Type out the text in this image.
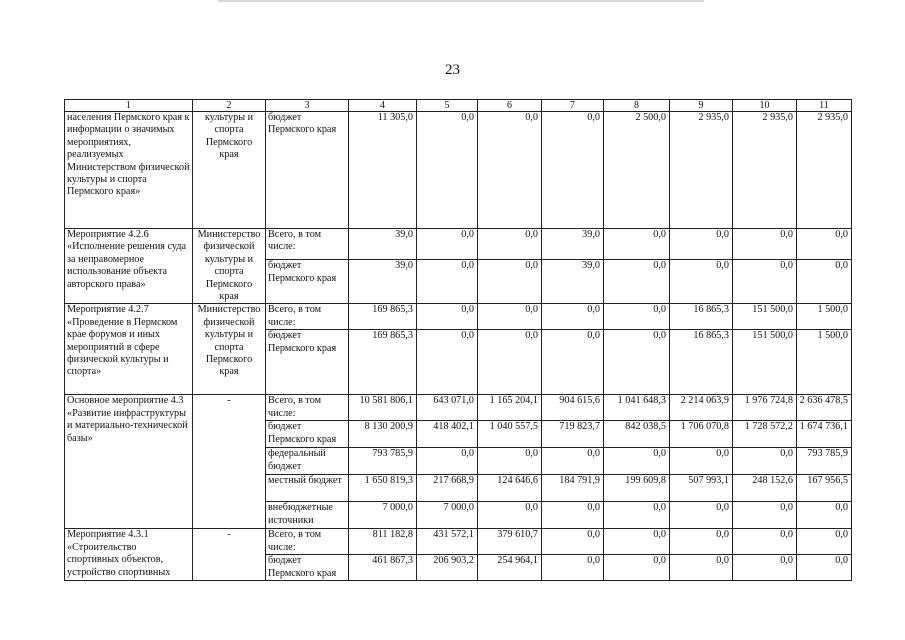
23
1	2	3	4	5	6	7	8	9	10	11
населения Пермского края к информации о значимых мероприятиях, реализуемых Министерством физической культуры и спорта Пермского края»	культуры и спорта Пермского края	бюджет Пермского края	11 305,0	0,0	0,0	0,0	2 500,0	2 935,0	2 935,0	2 935,0
Мероприятие 4.2.6 «Исполнение решения суда за неправомерное использование объекта авторского права»	Министерство физической культуры и спорта Пермского края	Всего, в том числе:	39,0	0,0	0,0	39,0	0,0	0,0	0,0	0,0
		бюджет Пермского края	39,0	0,0	0,0	39,0	0,0	0,0	0,0	0,0
Мероприятие 4.2.7 «Проведение в Пермском крае форумов и иных мероприятий в сфере физической культуры и спорта»	Министерство физической культуры и спорта Пермского края	Всего, в том числе:	169 865,3	0,0	0,0	0,0	0,0	16 865,3	151 500,0	1 500,0
		бюджет Пермского края	169 865,3	0,0	0,0	0,0	0,0	16 865,3	151 500,0	1 500,0
Основное мероприятие 4.3 «Развитие инфраструктуры и материально-технической базы»	-	Всего, в том числе:	10 581 806,1	643 071,0	1 165 204,1	904 615,6	1 041 648,3	2 214 063,9	1 976 724,8	2 636 478,5
		бюджет Пермского края	8 130 200,9	418 402,1	1 040 557,5	719 823,7	842 038,5	1 706 070,8	1 728 572,2	1 674 736,1
		федеральный бюджет	793 785,9	0,0	0,0	0,0	0,0	0,0	0,0	793 785,9
		местный бюджет	1 650 819,3	217 668,9	124 646,6	184 791,9	199 609,8	507 993,1	248 152,6	167 956,5
		внебюджетные источники	7 000,0	7 000,0	0,0	0,0	0,0	0,0	0,0	0,0
Мероприятие 4.3.1 «Строительство спортивных объектов, устройство спортивных	-	Всего, в том числе:	811 182,8	431 572,1	379 610,7	0,0	0,0	0,0	0,0	0,0
		бюджет Пермского края	461 867,3	206 903,2	254 964,1	0,0	0,0	0,0	0,0	0,0
